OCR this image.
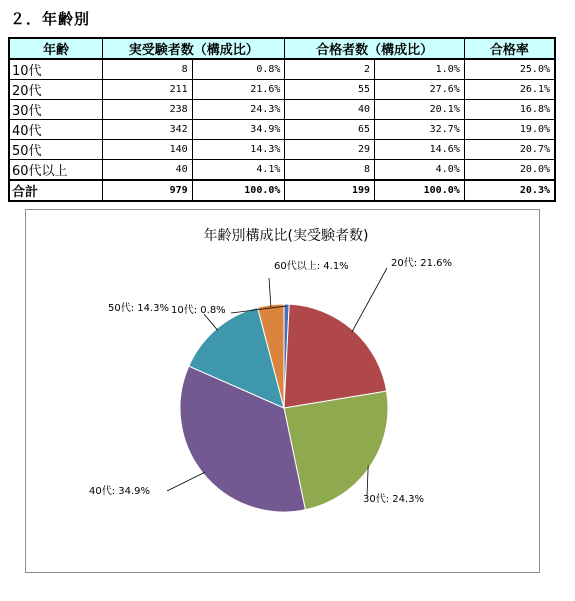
２．年齢別
年齢	実受験者数（構成比）		合格者数（構成比）		合格率
10代	8	0.8%	2	1.0%	25.0%
20代	211	21.6%	55	27.6%	26.1%
30代	238	24.3%	40	20.1%	16.8%
40代	342	34.9%	65	32.7%	19.0%
50代	140	14.3%	29	14.6%	20.7%
60代以上	40	4.1%	8	4.0%	20.0%
合計	979	100.0%	199	100.0%	20.3%
年齢別構成比(実受験者数)
10代: 0.8%
20代: 21.6%
30代: 24.3%
40代: 34.9%
50代: 14.3%
60代以上: 4.1%
